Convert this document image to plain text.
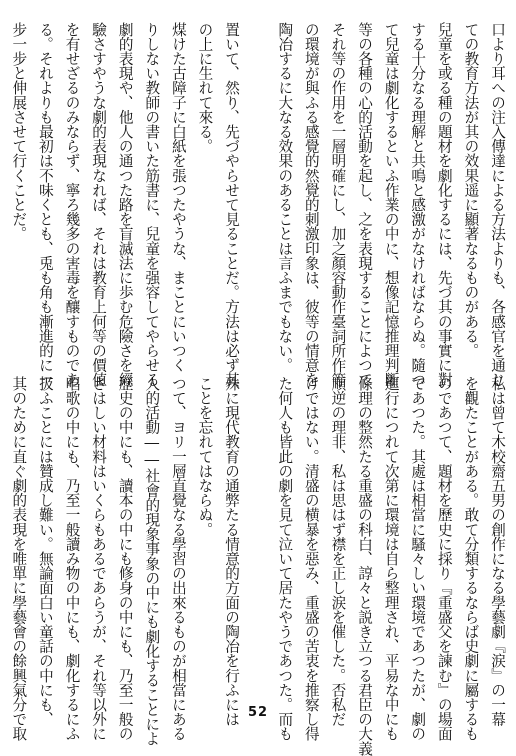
口より耳への注入傳達による方法よりも、各感官を通じ
ての教育方法が其の效果遥に顯著なるものがある。
兒童を或る種の題材を劇化するには、先づ其の事實に對
する十分なる理解と共鳴と感激がなければならぬ。隨つ
て兒童は劇化するといふ作業の中に、想像記憶推理判斷
等の各種の心的活動を起し、之を表現することによつて
それ等の作用を一層明確にし、加之顏容動作臺詞所作等
の環境が與ふる感覺的然覺的刺激印象は、彼等の情意を
陶冶するに大なる效果のあることは言ふまでもない。

置いて、然り、先づやらせて見ることだ。方法は必ず其
の上に生れて來る。
煤けた古障子に白紙を張つたやうな、まことにいつく
りしない教師の書いた筋書に、兒童を强容してやらせる
劇的表現や、他人の通つた路を盲滅法に歩む危險さを經
驗さすやうな劇的表現なれば、それは教育上何等の價値
を有せざるのみならず、寧ろ幾多の害毒を釀すものであ
る。それよりも最初は不味くとも、兎も角も漸進的に一
步一步と伸展させて行くことだ。
私は曾て木校齋五男の創作になる學藝劇『涙』の一幕
を觀たことがある。敢て分類するならば史劇に屬するも
のであつて、題材を歷史に採り『重盛父を諫む』の場面
であつた。其處は相當に騷々しい環境であつたが、劇の
進行につれて次第に環境は自ら整理され、平易な中にも
條理の整然たる重盛の科白、諄々と説き立つる君臣の大義
順逆の理非、私は思はず襟を正し涙を催した。否私だ
けではない。清盛の横暴を惡み、重盛の苦衷を推察し得
た何人も皆此の劇を見て泣いて居たやうであつた。而も

殊に現代教育の通弊たる情意的方面の陶冶を行ふには
ことを忘れてはならぬ。
つて、ヨリ一層直覺なる學習の出來るものが相當にある
人的活動――社會的現象事象の中にも劇化することによ
歷史の中にも、讀本の中にも修身の中にも、乃至一般の
さはしい材料はいくらもあるであらうが、それ等以外に
唱歌の中にも、乃至一般讀み物の中にも、劇化するにふ
扱ふことには贊成し難い。無論面白い童話の中にも、
其のために直ぐ劇的表現を唯單に學藝會の餘興氣分で取	52
